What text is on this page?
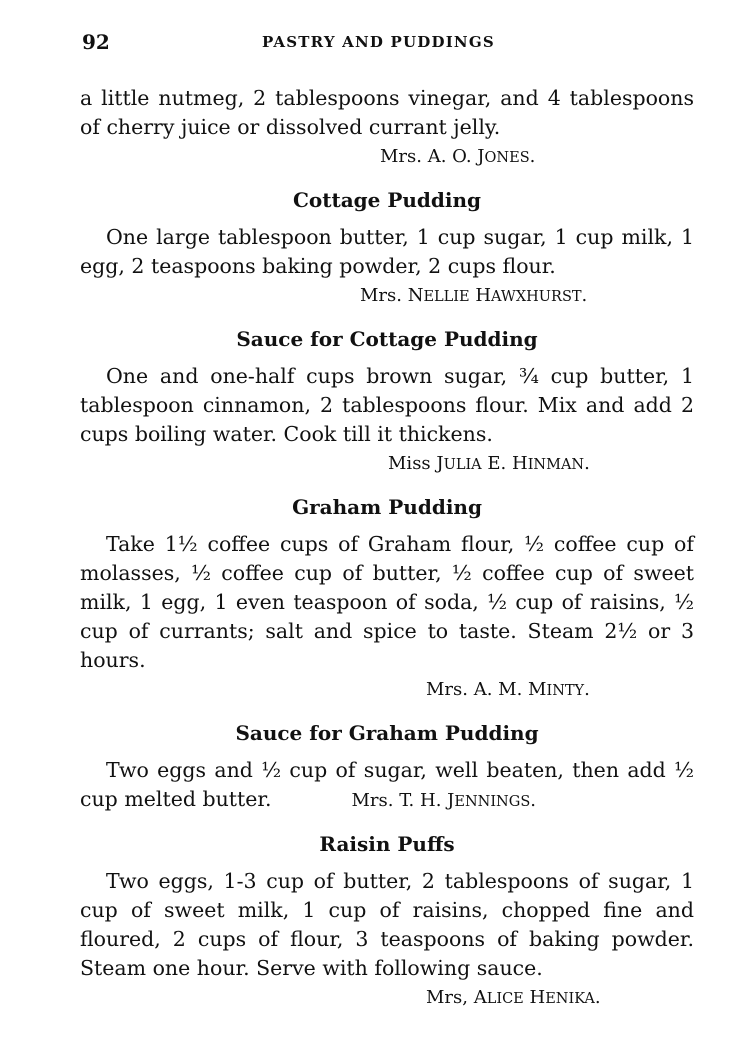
92	PASTRY AND PUDDINGS

a little nutmeg, 2 tablespoons vinegar, and 4 tablespoons of cherry juice or dissolved currant jelly.

Mrs. A. O. JONES.
Cottage Pudding

One large tablespoon butter, 1 cup sugar, 1 cup milk, 1 egg, 2 teaspoons baking powder, 2 cups flour.

Mrs. NELLIE HAWXHURST.
Sauce for Cottage Pudding

One and one-half cups brown sugar, ¾ cup butter, 1 tablespoon cinnamon, 2 tablespoons flour. Mix and add 2 cups boiling water. Cook till it thickens.

Miss JULIA E. HINMAN.
Graham Pudding

Take 1½ coffee cups of Graham flour, ½ coffee cup of molasses, ½ coffee cup of butter, ½ coffee cup of sweet milk, 1 egg, 1 even teaspoon of soda, ½ cup of raisins, ½ cup of currants; salt and spice to taste. Steam 2½ or 3 hours.

Mrs. A. M. MINTY.
Sauce for Graham Pudding

Two eggs and ½ cup of sugar, well beaten, then add ½ cup melted butter.	Mrs. T. H. JENNINGS.

Raisin Puffs

Two eggs, 1-3 cup of butter, 2 tablespoons of sugar, 1 cup of sweet milk, 1 cup of raisins, chopped fine and floured, 2 cups of flour, 3 teaspoons of baking powder. Steam one hour. Serve with following sauce.

Mrs, ALICE HENIKA.
